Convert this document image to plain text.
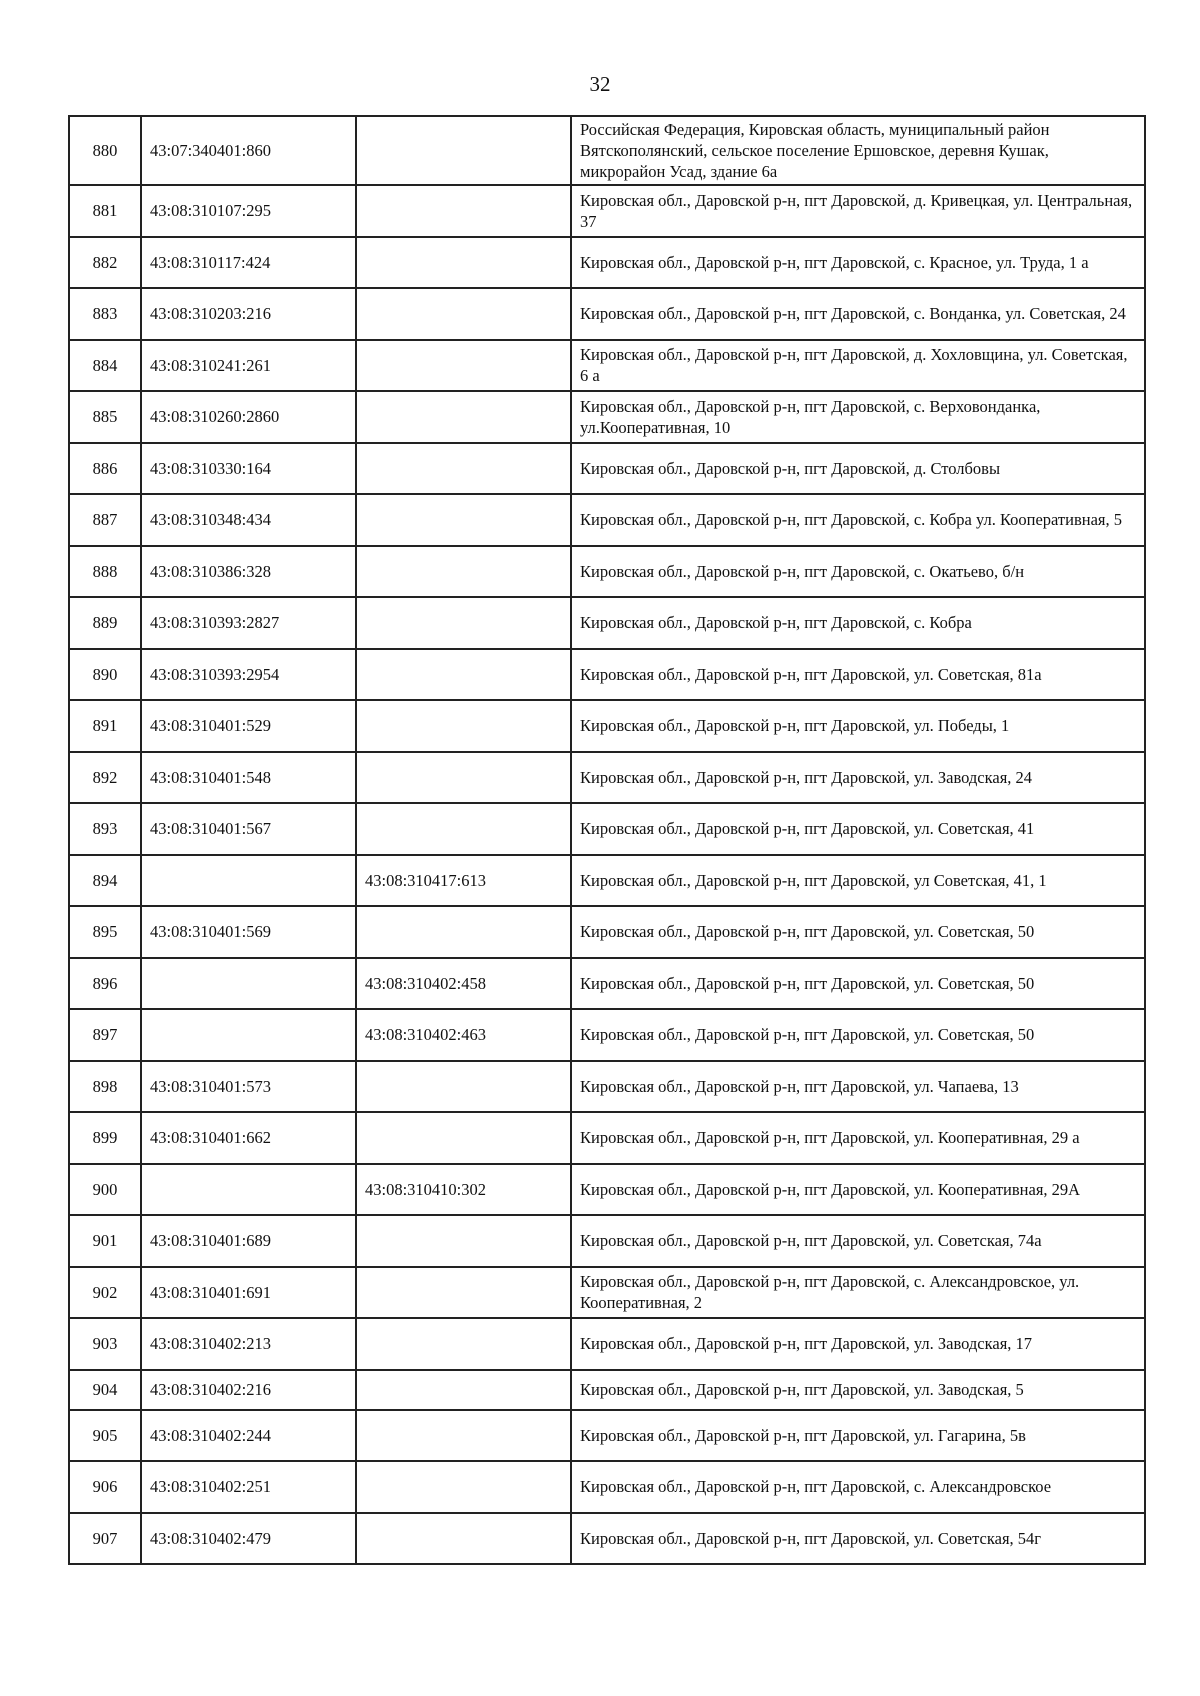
32
880	43:07:340401:860		Российская Федерация, Кировская область, муниципальный район Вятскополянский, сельское поселение Ершовское, деревня Кушак, микрорайон Усад, здание 6а
881	43:08:310107:295		Кировская обл., Даровской р-н, пгт Даровской, д. Кривецкая, ул. Центральная, 37
882	43:08:310117:424		Кировская обл., Даровской р-н, пгт Даровской, с. Красное, ул. Труда, 1 а
883	43:08:310203:216		Кировская обл., Даровской р-н, пгт Даровской, с. Вонданка, ул. Советская, 24
884	43:08:310241:261		Кировская обл., Даровской р-н, пгт Даровской, д. Хохловщина, ул. Советская, 6 а
885	43:08:310260:2860		Кировская обл., Даровской р-н, пгт Даровской, с. Верховонданка, ул.Кооперативная, 10
886	43:08:310330:164		Кировская обл., Даровской р-н, пгт Даровской, д. Столбовы
887	43:08:310348:434		Кировская обл., Даровской р-н, пгт Даровской, с. Кобра ул. Кооперативная, 5
888	43:08:310386:328		Кировская обл., Даровской р-н, пгт Даровской, с. Окатьево, б/н
889	43:08:310393:2827		Кировская обл., Даровской р-н, пгт Даровской, с. Кобра
890	43:08:310393:2954		Кировская обл., Даровской р-н, пгт Даровской, ул. Советская, 81а
891	43:08:310401:529		Кировская обл., Даровской р-н, пгт Даровской, ул. Победы, 1
892	43:08:310401:548		Кировская обл., Даровской р-н, пгт Даровской, ул. Заводская, 24
893	43:08:310401:567		Кировская обл., Даровской р-н, пгт Даровской, ул. Советская, 41
894		43:08:310417:613	Кировская обл., Даровской р-н, пгт Даровской, ул Советская, 41, 1
895	43:08:310401:569		Кировская обл., Даровской р-н, пгт Даровской, ул. Советская, 50
896		43:08:310402:458	Кировская обл., Даровской р-н, пгт Даровской, ул. Советская, 50
897		43:08:310402:463	Кировская обл., Даровской р-н, пгт Даровской, ул. Советская, 50
898	43:08:310401:573		Кировская обл., Даровской р-н, пгт Даровской, ул. Чапаева, 13
899	43:08:310401:662		Кировская обл., Даровской р-н, пгт Даровской, ул. Кооперативная, 29 а
900		43:08:310410:302	Кировская обл., Даровской р-н, пгт Даровской, ул. Кооперативная, 29А
901	43:08:310401:689		Кировская обл., Даровской р-н, пгт Даровской, ул. Советская, 74а
902	43:08:310401:691		Кировская обл., Даровской р-н, пгт Даровской, с. Александровское, ул. Кооперативная, 2
903	43:08:310402:213		Кировская обл., Даровской р-н, пгт Даровской, ул. Заводская, 17
904	43:08:310402:216		Кировская обл., Даровской р-н, пгт Даровской, ул. Заводская, 5
905	43:08:310402:244		Кировская обл., Даровской р-н, пгт Даровской, ул. Гагарина, 5в
906	43:08:310402:251		Кировская обл., Даровской р-н, пгт Даровской, с. Александровское
907	43:08:310402:479		Кировская обл., Даровской р-н, пгт Даровской, ул. Советская, 54г
